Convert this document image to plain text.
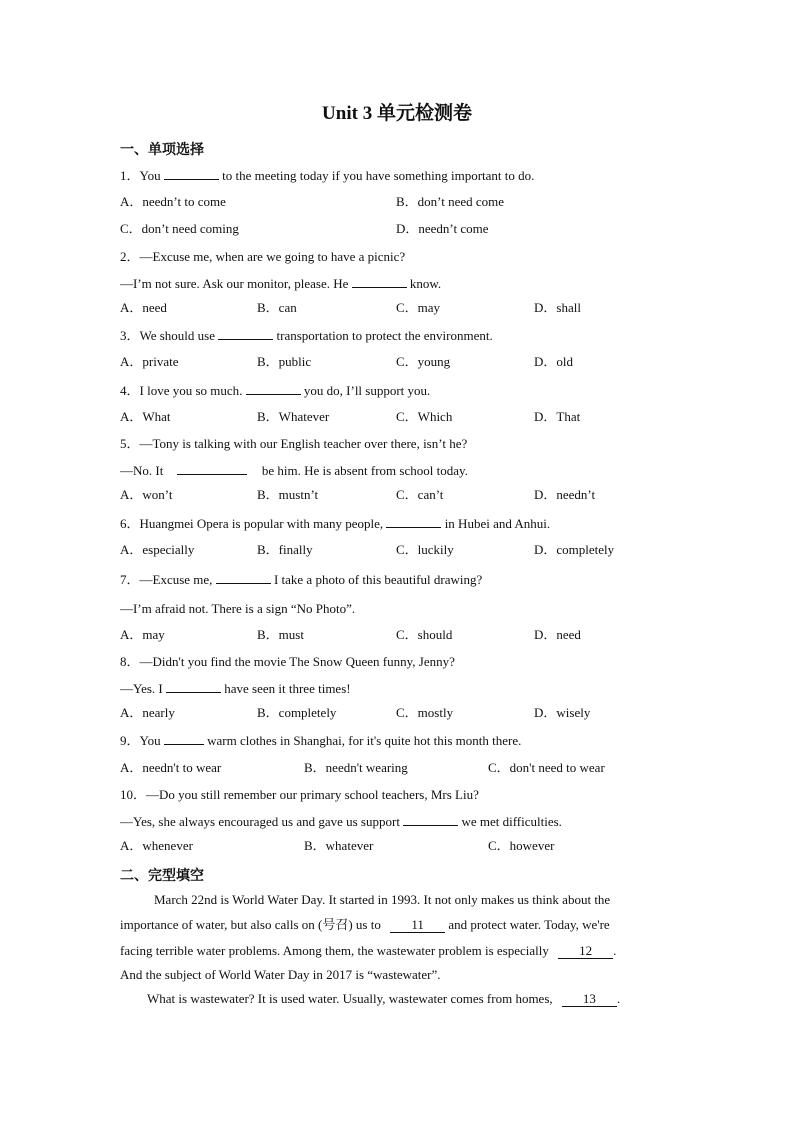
Unit 3 单元检测卷
一、单项选择
1．You	to the meeting today if you have something important to do.
A．needn’t to come	B．don’t need come
C．don’t need coming	D．needn’t come
2．—Excuse me, when are we going to have a picnic?
—I’m not sure. Ask our monitor, please. He	know.
A．need	B．can	C．may	D．shall
3．We should use	transportation to protect the environment.
A．private	B．public	C．young	D．old
4．I love you so much.	you do, I’ll support you.
A．What	B．Whatever	C．Which	D．That
5．—Tony is talking with our English teacher over there, isn’t he?
—No. It	be him. He is absent from school today.
A．won’t	B．mustn’t	C．can’t	D．needn’t
6．Huangmei Opera is popular with many people,	in Hubei and Anhui.
A．especially	B．finally	C．luckily	D．completely
7．—Excuse me,	I take a photo of this beautiful drawing?
—I’m afraid not. There is a sign “No Photo”.
A．may	B．must	C．should	D．need
8．—Didn't you find the movie The Snow Queen funny, Jenny?
—Yes. I	have seen it three times!
A．nearly	B．completely	C．mostly	D．wisely
9．You	warm clothes in Shanghai, for it's quite hot this month there.
A．needn't to wear	B．needn't wearing	C．don't need to wear
10．—Do you still remember our primary school teachers, Mrs Liu?
—Yes, she always encouraged us and gave us support	we met difficulties.
A．whenever	B．whatever	C．however
二、完型填空
March 22nd is World Water Day. It started in 1993. It not only makes us think about the
importance of water, but also calls on (号召) us to 11 and protect water. Today, we're
facing terrible water problems. Among them, the wastewater problem is especially 12 .
And the subject of World Water Day in 2017 is “wastewater”.
What is wastewater? It is used water. Usually, wastewater comes from homes, 13 .
